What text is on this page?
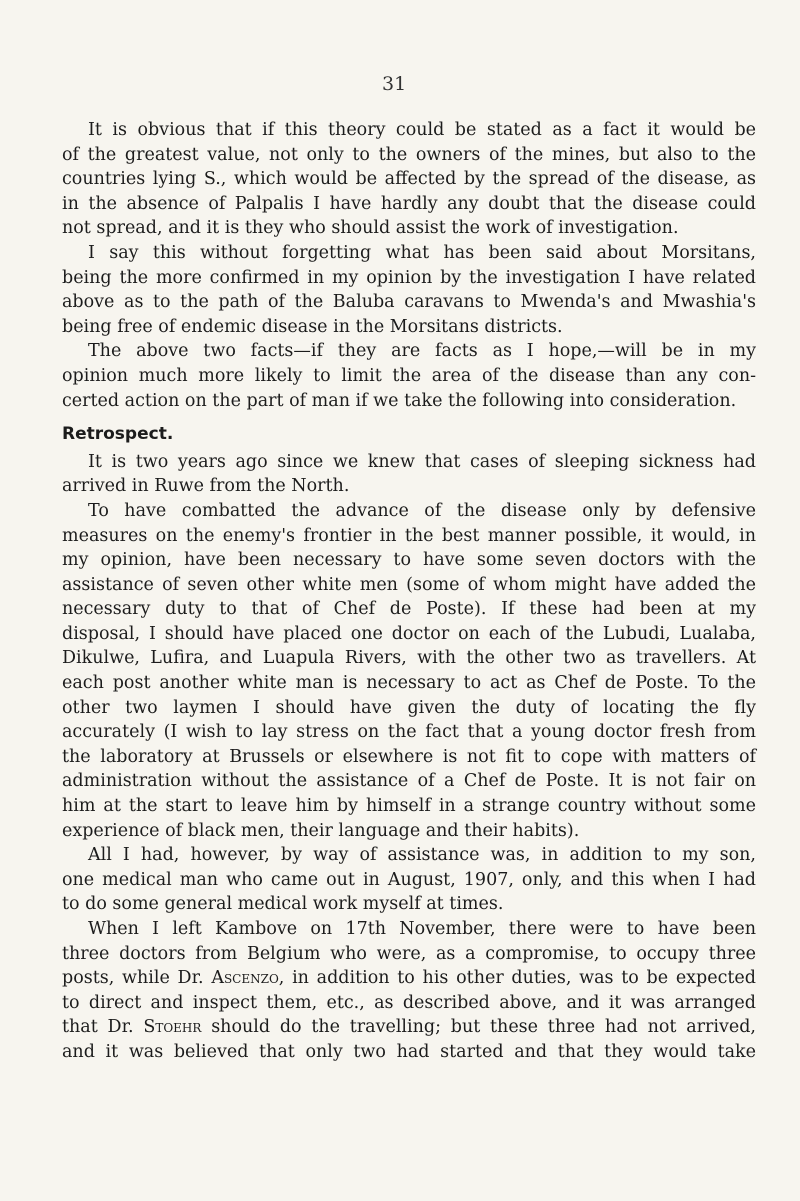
31
It is obvious that if this theory could be stated as a fact it would be
of the greatest value, not only to the owners of the mines, but also to the
countries lying S., which would be affected by the spread of the disease, as
in the absence of Palpalis I have hardly any doubt that the disease could
not spread, and it is they who should assist the work of investigation.
I say this without forgetting what has been said about Morsitans,
being the more confirmed in my opinion by the investigation I have related
above as to the path of the Baluba caravans to Mwenda's and Mwashia's
being free of endemic disease in the Morsitans districts.
The above two facts—if they are facts as I hope,—will be in my
opinion much more likely to limit the area of the disease than any con-
certed action on the part of man if we take the following into consideration.
Retrospect.
It is two years ago since we knew that cases of sleeping sickness had
arrived in Ruwe from the North.
To have combatted the advance of the disease only by defensive
measures on the enemy's frontier in the best manner possible, it would, in
my opinion, have been necessary to have some seven doctors with the
assistance of seven other white men (some of whom might have added the
necessary duty to that of Chef de Poste). If these had been at my
disposal, I should have placed one doctor on each of the Lubudi, Lualaba,
Dikulwe, Lufira, and Luapula Rivers, with the other two as travellers. At
each post another white man is necessary to act as Chef de Poste. To the
other two laymen I should have given the duty of locating the fly
accurately (I wish to lay stress on the fact that a young doctor fresh from
the laboratory at Brussels or elsewhere is not fit to cope with matters of
administration without the assistance of a Chef de Poste. It is not fair on
him at the start to leave him by himself in a strange country without some
experience of black men, their language and their habits).
All I had, however, by way of assistance was, in addition to my son,
one medical man who came out in August, 1907, only, and this when I had
to do some general medical work myself at times.
When I left Kambove on 17th November, there were to have been
three doctors from Belgium who were, as a compromise, to occupy three
posts, while Dr. Ascenzo, in addition to his other duties, was to be expected
to direct and inspect them, etc., as described above, and it was arranged
that Dr. Stoehr should do the travelling; but these three had not arrived,
and it was believed that only two had started and that they would take
